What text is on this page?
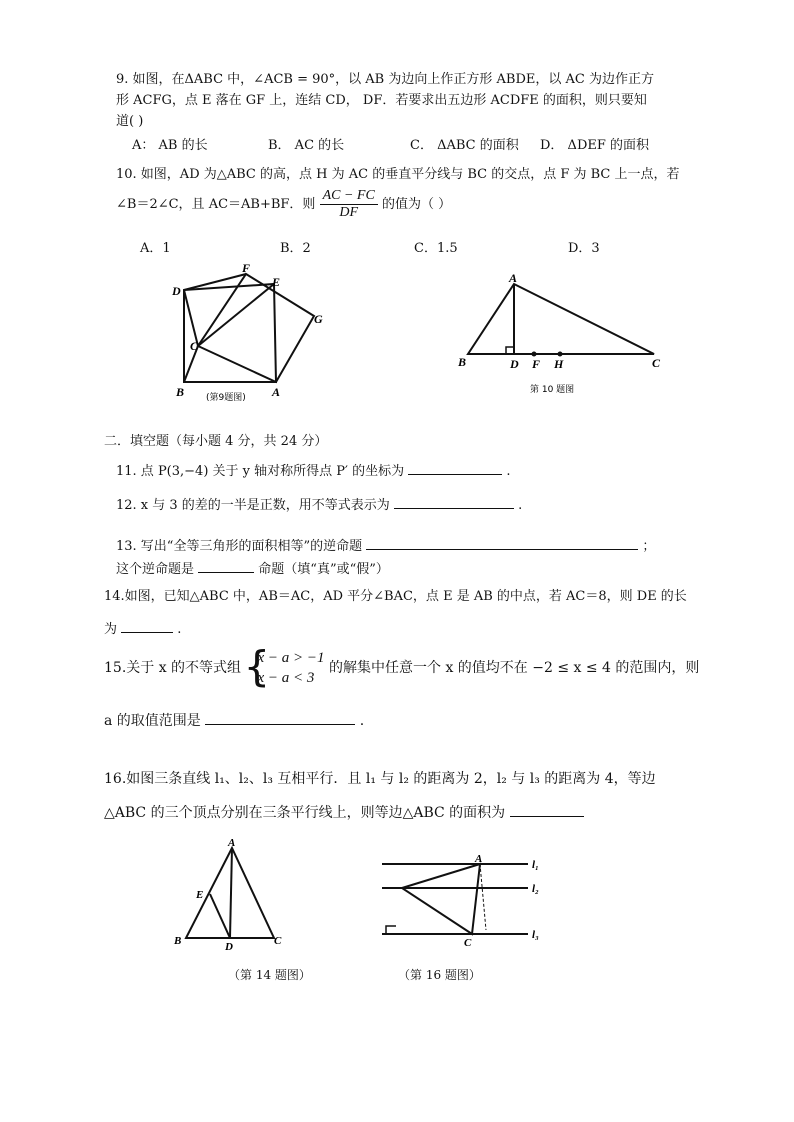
9. 如图，在ΔABC 中，∠ACB = 90°，以 AB 为边向上作正方形 ABDE，以 AC 为边作正方
形 ACFG，点 E 落在 GF 上，连结 CD， DF．若要求出五边形 ACDFE 的面积，则只要知
道( )
A： AB 的长	B． AC 的长	C． ΔABC 的面积 D． ΔDEF 的面积
10. 如图，AD 为△ABC 的高，点 H 为 AC 的垂直平分线与 BC 的交点，点 F 为 BC 上一点，若
∠B＝2∠C，且 AC＝AB+BF．则 $\frac{AC - FC}{DF}$ 的值为（ ）
A．1	B．2	C．1.5	D．3
D
F
E
G
C
B	A
(第9题图)
A
B	D F H	C
第 10 题图
二．填空题（每小题 4 分，共 24 分）
11. 点 P(3,−4) 关于 y 轴对称所得点 P′ 的坐标为	.
12. x 与 3 的差的一半是正数，用不等式表示为	.
13. 写出“全等三角形的面积相等”的逆命题	；
这个逆命题是	命题（填“真”或“假”）
14.如图，已知△ABC 中，AB＝AC，AD 平分∠BAC，点 E 是 AB 的中点，若 AC＝8，则 DE 的长
为	.
15.关于 x 的不等式组 {
x − a > −1
x − a < 3
的解集中任意一个 x 的值均不在 −2 ≤ x ≤ 4 的范围内，则
a 的取值范围是	.
16.如图三条直线 l₁、l₂、l₃ 互相平行．且 l₁ 与 l₂ 的距离为 2，l₂ 与 l₃ 的距离为 4，等边
△ABC 的三个顶点分别在三条平行线上，则等边△ABC 的面积为
A
E
B	D	C
（第 14 题图）
A
C
l₁
l₂
l₃
（第 16 题图）
